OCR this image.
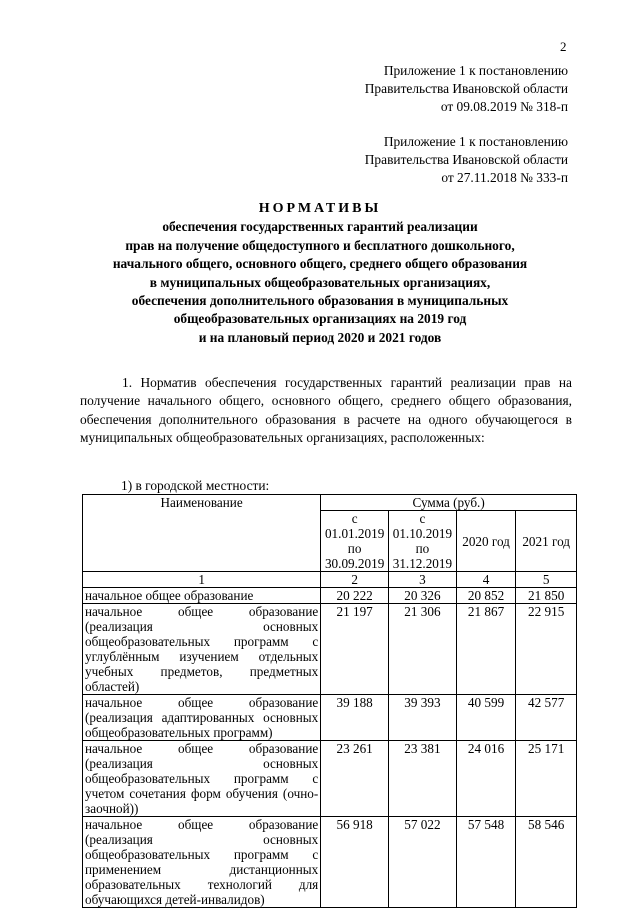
2
Приложение 1 к постановлению
Правительства Ивановской области
от 09.08.2019 № 318-п
Приложение 1 к постановлению
Правительства Ивановской области
от 27.11.2018 № 333-п
НОРМАТИВЫ
обеспечения государственных гарантий реализации
прав на получение общедоступного и бесплатного дошкольного,
начального общего, основного общего, среднего общего образования
в муниципальных общеобразовательных организациях,
обеспечения дополнительного образования в муниципальных
общеобразовательных организациях на 2019 год
и на плановый период 2020 и 2021 годов
1. Норматив обеспечения государственных гарантий реализации прав на получение начального общего, основного общего, среднего общего образования, обеспечения дополнительного образования в расчете на одного обучающегося в муниципальных общеобразовательных организациях, расположенных:
1) в городской местности:
Наименование	Сумма (руб.)			
	с 01.01.2019 по 30.09.2019	с 01.10.2019 по 31.12.2019	2020 год	2021 год
1	2	3	4	5
начальное общее образование	20 222	20 326	20 852	21 850
начальное общее образование (реализация основных общеобразовательных программ с углублённым изучением отдельных учебных предметов, предметных областей)	21 197	21 306	21 867	22 915
начальное общее образование (реализация адаптированных основных общеобразовательных программ)	39 188	39 393	40 599	42 577
начальное общее образование (реализация основных общеобразовательных программ с учетом сочетания форм обучения (очно-заочной))	23 261	23 381	24 016	25 171
начальное общее образование (реализация основных общеобразовательных программ с применением дистанционных образовательных технологий для обучающихся детей-инвалидов)	56 918	57 022	57 548	58 546
